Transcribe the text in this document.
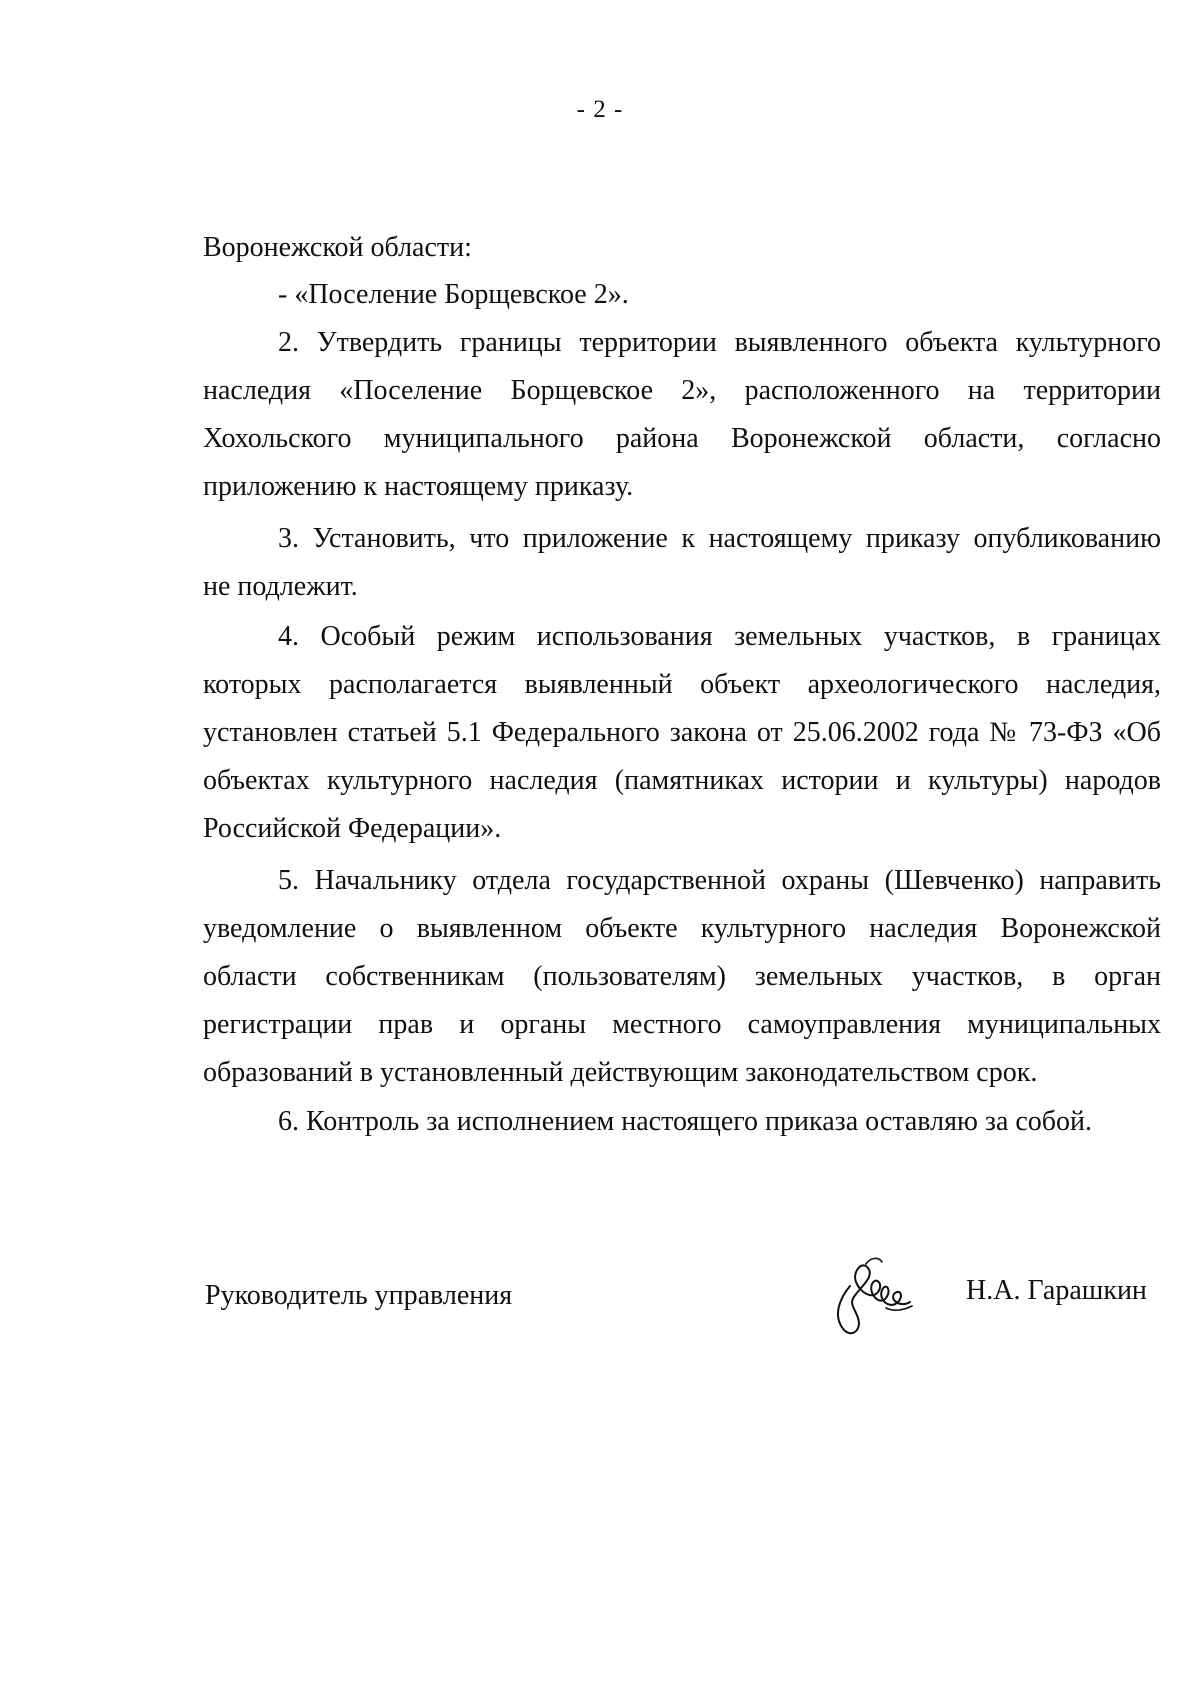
- 2 -
Воронежской области:
- «Поселение Борщевское 2».
2. Утвердить границы территории выявленного объекта культурного
наследия «Поселение Борщевское 2», расположенного на территории
Хохольского муниципального района Воронежской области, согласно
приложению к настоящему приказу.
3. Установить, что приложение к настоящему приказу опубликованию
не подлежит.
4. Особый режим использования земельных участков, в границах
которых располагается выявленный объект археологического наследия,
установлен статьей 5.1 Федерального закона от 25.06.2002 года № 73-ФЗ «Об
объектах культурного наследия (памятниках истории и культуры) народов
Российской Федерации».
5. Начальнику отдела государственной охраны (Шевченко) направить
уведомление о выявленном объекте культурного наследия Воронежской
области собственникам (пользователям) земельных участков, в орган
регистрации прав и органы местного самоуправления муниципальных
образований в установленный действующим законодательством срок.
6. Контроль за исполнением настоящего приказа оставляю за собой.
Руководитель управления	Н.А. Гарашкин
